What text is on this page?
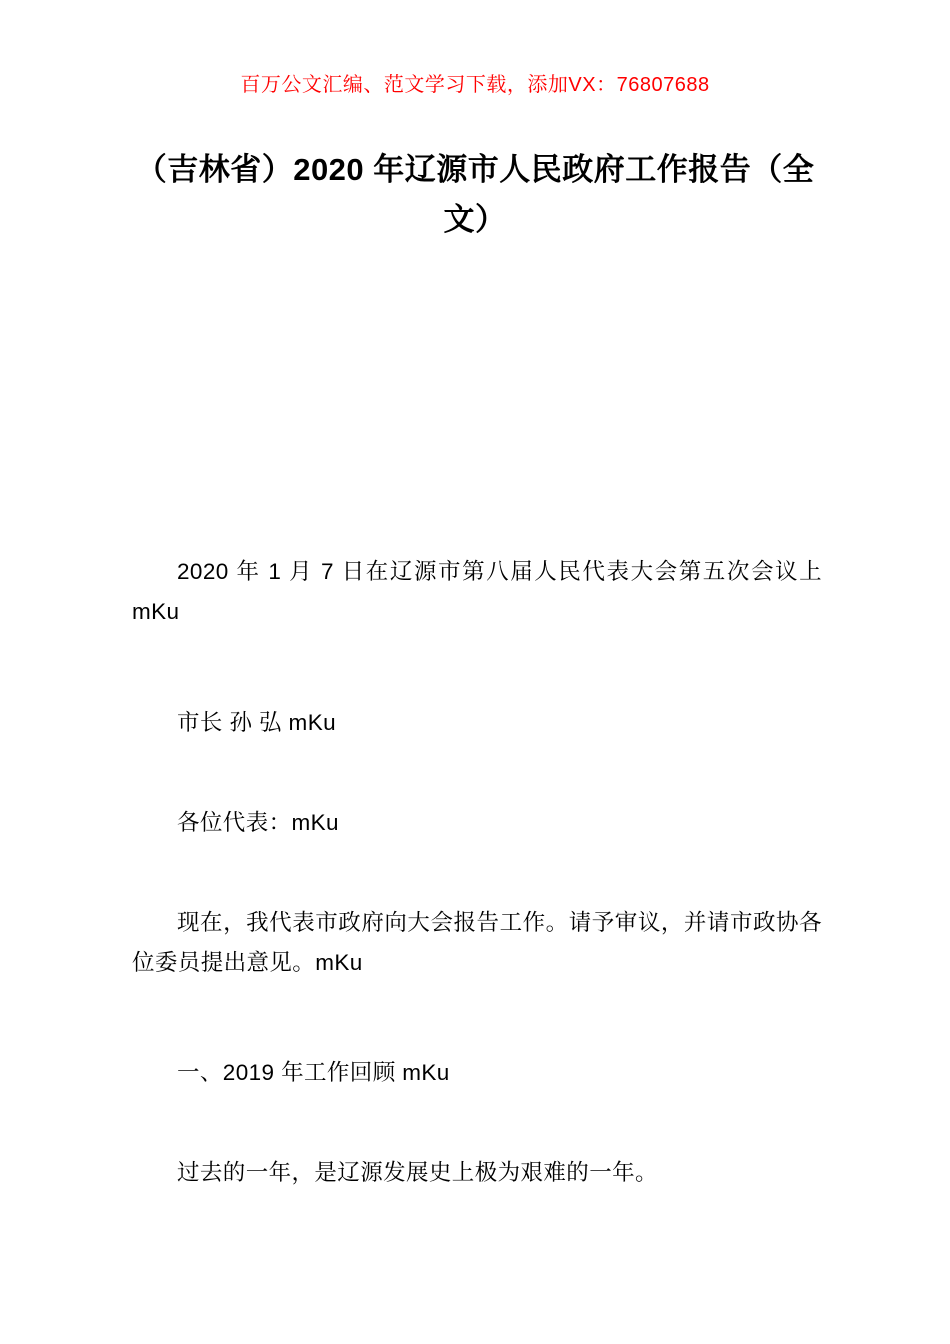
百万公文汇编、范文学习下载，添加VX：76807688
（吉林省）2020 年辽源市人民政府工作报告（全文）
2020 年 1 月 7 日在辽源市第八届人民代表大会第五次会议上 mKu
市长 孙 弘 mKu
各位代表：mKu
现在，我代表市政府向大会报告工作。请予审议，并请市政协各位委员提出意见。mKu
一、2019 年工作回顾 mKu
过去的一年，是辽源发展史上极为艰难的一年。
